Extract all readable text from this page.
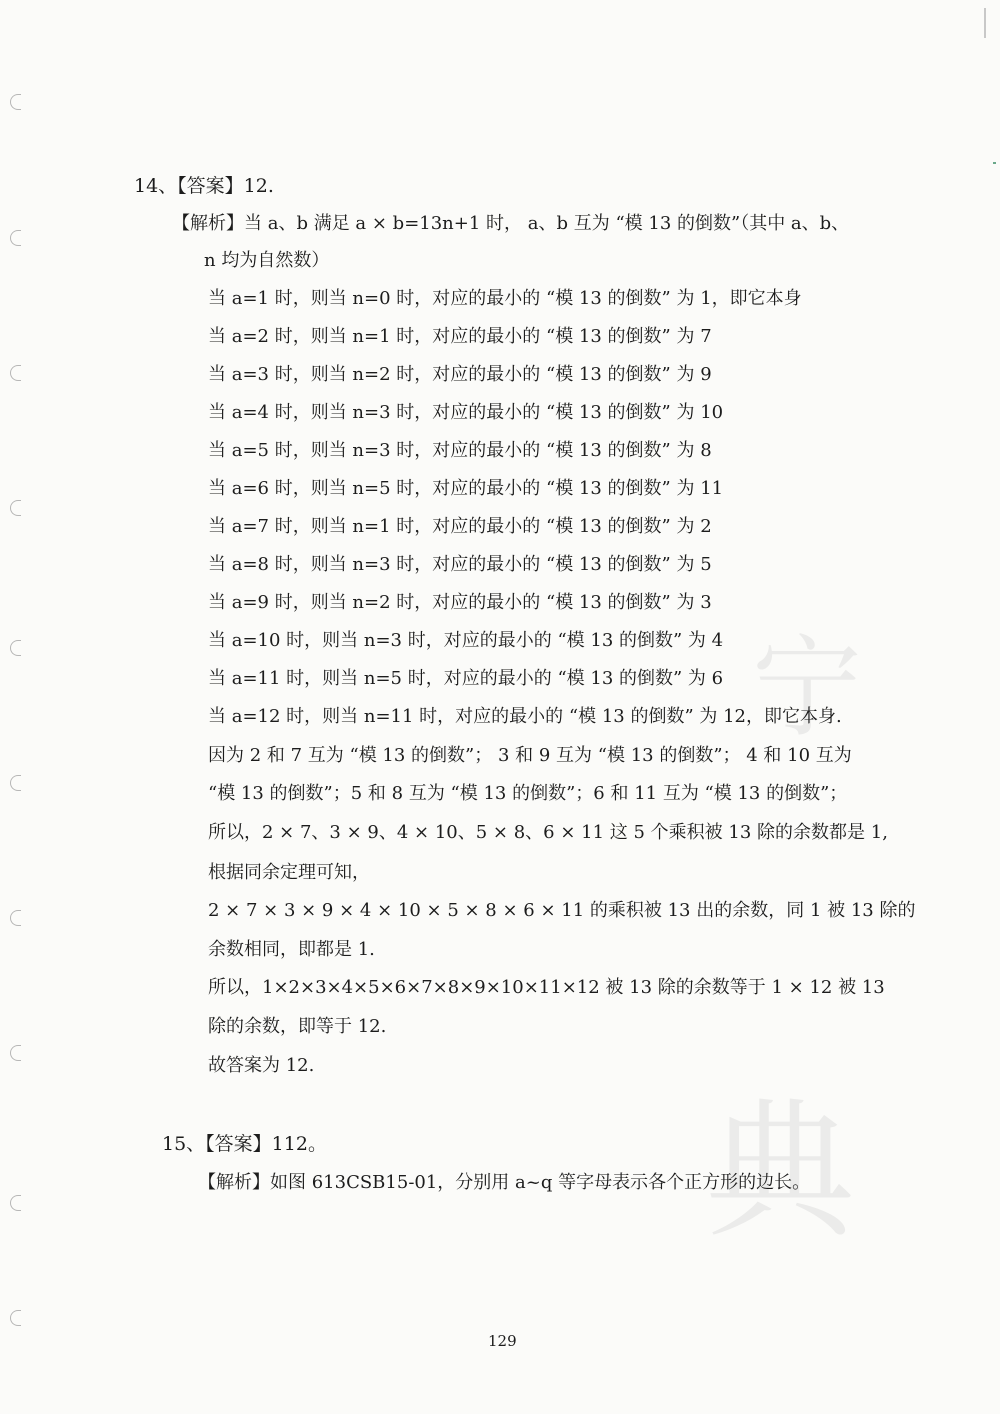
宁
典
14、【答案】12.
【解析】当 a、b 满足 a × b=13n+1 时， a、b 互为 “模 13 的倒数”（其中 a、b、
n 均为自然数）
当 a=1 时，则当 n=0 时，对应的最小的 “模 13 的倒数” 为 1，即它本身
当 a=2 时，则当 n=1 时，对应的最小的 “模 13 的倒数” 为 7
当 a=3 时，则当 n=2 时，对应的最小的 “模 13 的倒数” 为 9
当 a=4 时，则当 n=3 时，对应的最小的 “模 13 的倒数” 为 10
当 a=5 时，则当 n=3 时，对应的最小的 “模 13 的倒数” 为 8
当 a=6 时，则当 n=5 时，对应的最小的 “模 13 的倒数” 为 11
当 a=7 时，则当 n=1 时，对应的最小的 “模 13 的倒数” 为 2
当 a=8 时，则当 n=3 时，对应的最小的 “模 13 的倒数” 为 5
当 a=9 时，则当 n=2 时，对应的最小的 “模 13 的倒数” 为 3
当 a=10 时，则当 n=3 时，对应的最小的 “模 13 的倒数” 为 4
当 a=11 时，则当 n=5 时，对应的最小的 “模 13 的倒数” 为 6
当 a=12 时，则当 n=11 时，对应的最小的 “模 13 的倒数” 为 12，即它本身.
因为 2 和 7 互为 “模 13 的倒数”； 3 和 9 互为 “模 13 的倒数”； 4 和 10 互为
“模 13 的倒数”；5 和 8 互为 “模 13 的倒数”；6 和 11 互为 “模 13 的倒数”；
所以，2 × 7、3 × 9、4 × 10、5 × 8、6 × 11 这 5 个乘积被 13 除的余数都是 1,
根据同余定理可知，
2 × 7 × 3 × 9 × 4 × 10 × 5 × 8 × 6 × 11 的乘积被 13 出的余数，同 1 被 13 除的
余数相同，即都是 1.
所以，1×2×3×4×5×6×7×8×9×10×11×12 被 13 除的余数等于 1 × 12 被 13
除的余数，即等于 12.
故答案为 12.
15、【答案】112。
【解析】如图 613CSB15-01，分别用 a~q 等字母表示各个正方形的边长。
129
